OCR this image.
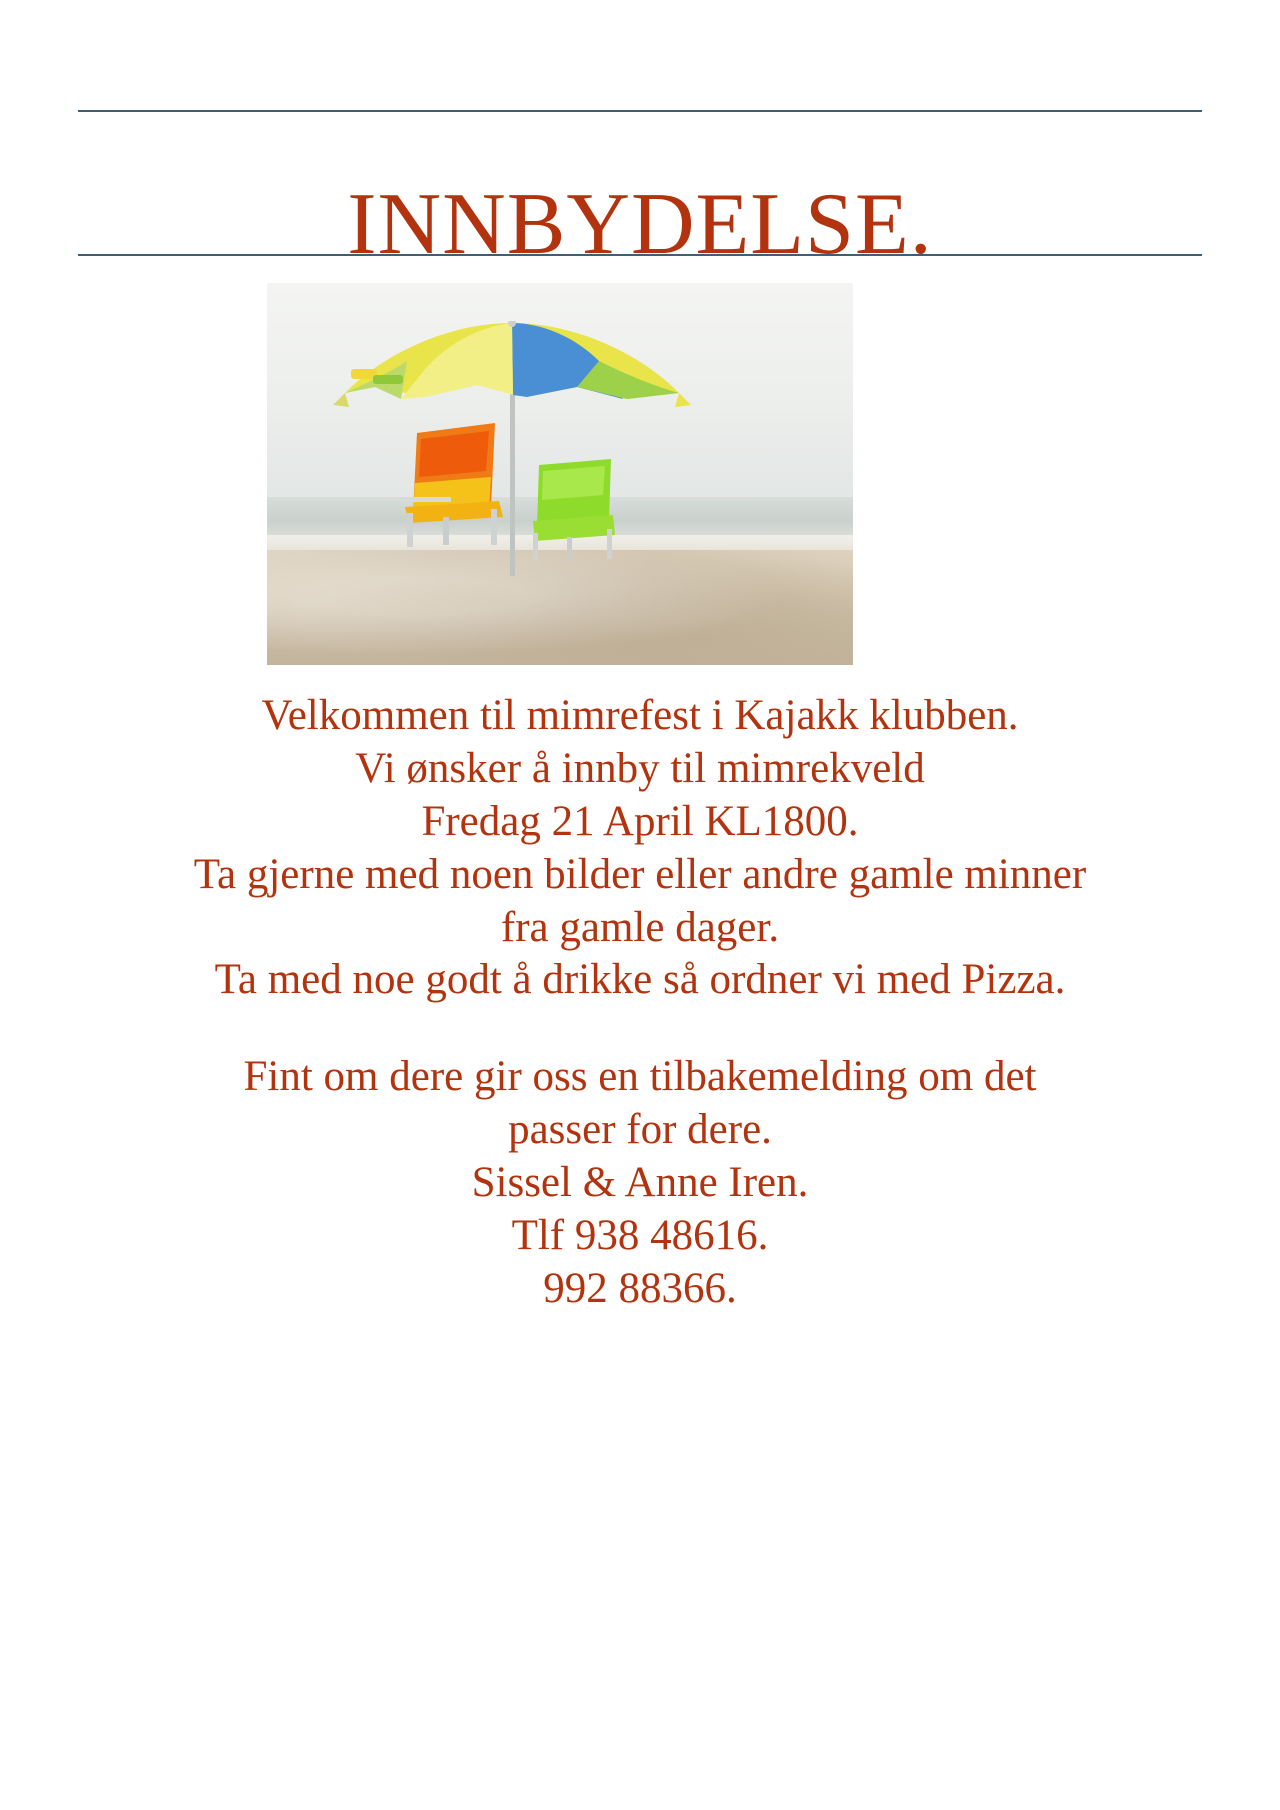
INNBYDELSE.

Velkommen til mimrefest i Kajakk klubben.

Vi ønsker å innby til mimrekveld

Fredag 21 April KL1800.

Ta gjerne med noen bilder eller andre gamle minner

fra gamle dager.

Ta med noe godt å drikke så ordner vi med Pizza.

Fint om dere gir oss en tilbakemelding om det

passer for dere.

Sissel & Anne Iren.

Tlf 938 48616.

992 88366.
